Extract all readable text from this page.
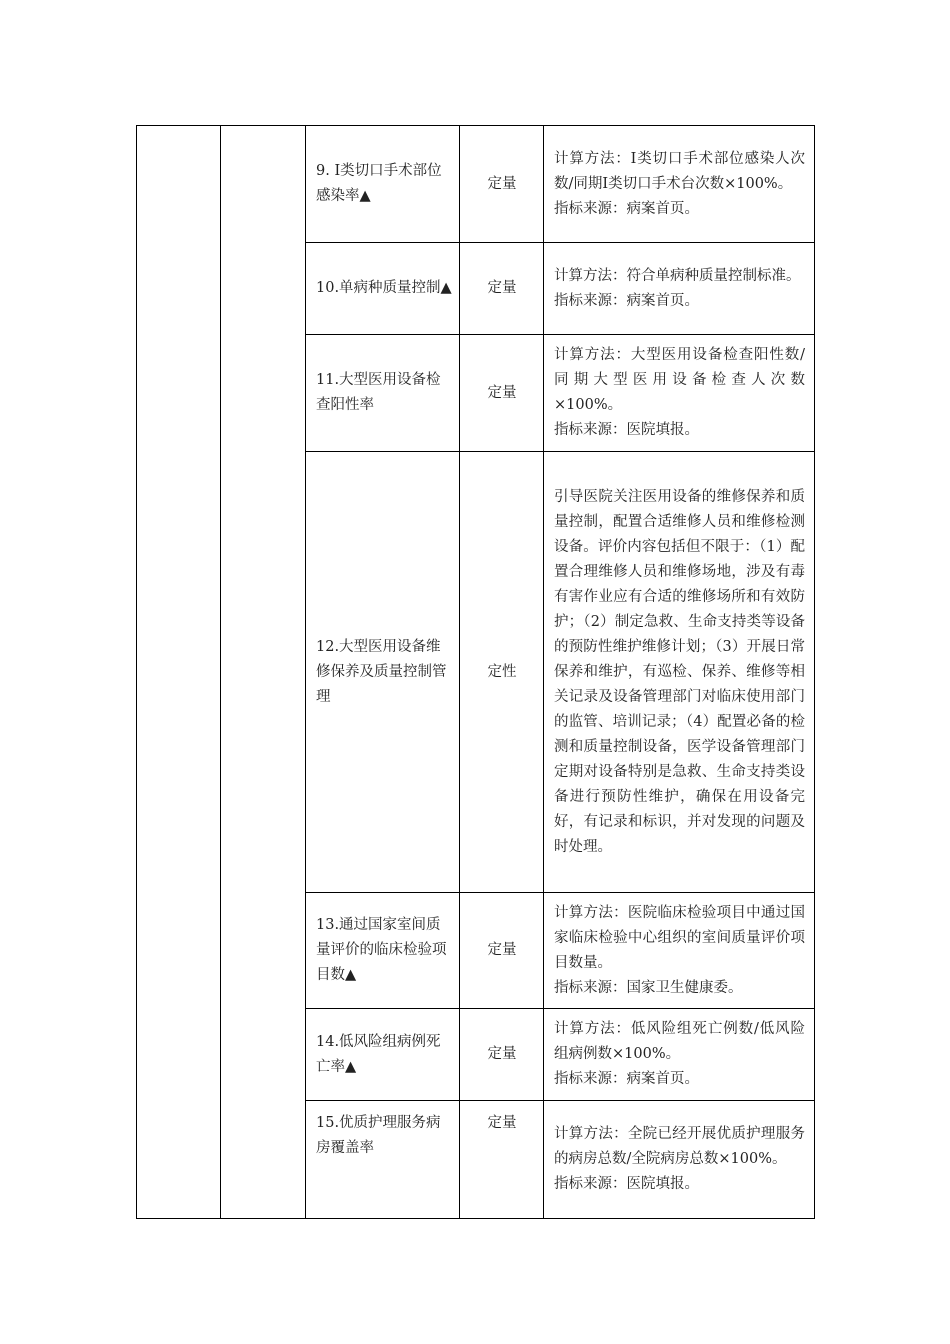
9. Ⅰ类切口手术部位感染率▲
定量
计算方法：Ⅰ类切口手术部位感染人次数/同期Ⅰ类切口手术台次数×100%。
指标来源：病案首页。
10.单病种质量控制▲ 定量
计算方法：符合单病种质量控制标准。
指标来源：病案首页。
11.大型医用设备检查阳性率
定量
计算方法：大型医用设备检查阳性数/同期大型医用设备检查人次数×100%。
指标来源：医院填报。
12.大型医用设备维修保养及质量控制管理
定性
引导医院关注医用设备的维修保养和质量控制，配置合适维修人员和维修检测设备。评价内容包括但不限于：（1）配置合理维修人员和维修场地，涉及有毒有害作业应有合适的维修场所和有效防护；（2）制定急救、生命支持类等设备的预防性维护维修计划；（3）开展日常保养和维护，有巡检、保养、维修等相关记录及设备管理部门对临床使用部门的监管、培训记录；（4）配置必备的检测和质量控制设备，医学设备管理部门定期对设备特别是急救、生命支持类设备进行预防性维护，确保在用设备完好，有记录和标识，并对发现的问题及时处理。
13.通过国家室间质量评价的临床检验项目数▲
定量
计算方法：医院临床检验项目中通过国家临床检验中心组织的室间质量评价项目数量。
指标来源：国家卫生健康委。
14.低风险组病例死亡率▲
定量
计算方法：低风险组死亡例数/低风险组病例数×100%。
指标来源：病案首页。
15.优质护理服务病房覆盖率
定量
计算方法：全院已经开展优质护理服务的病房总数/全院病房总数×100%。
指标来源：医院填报。
